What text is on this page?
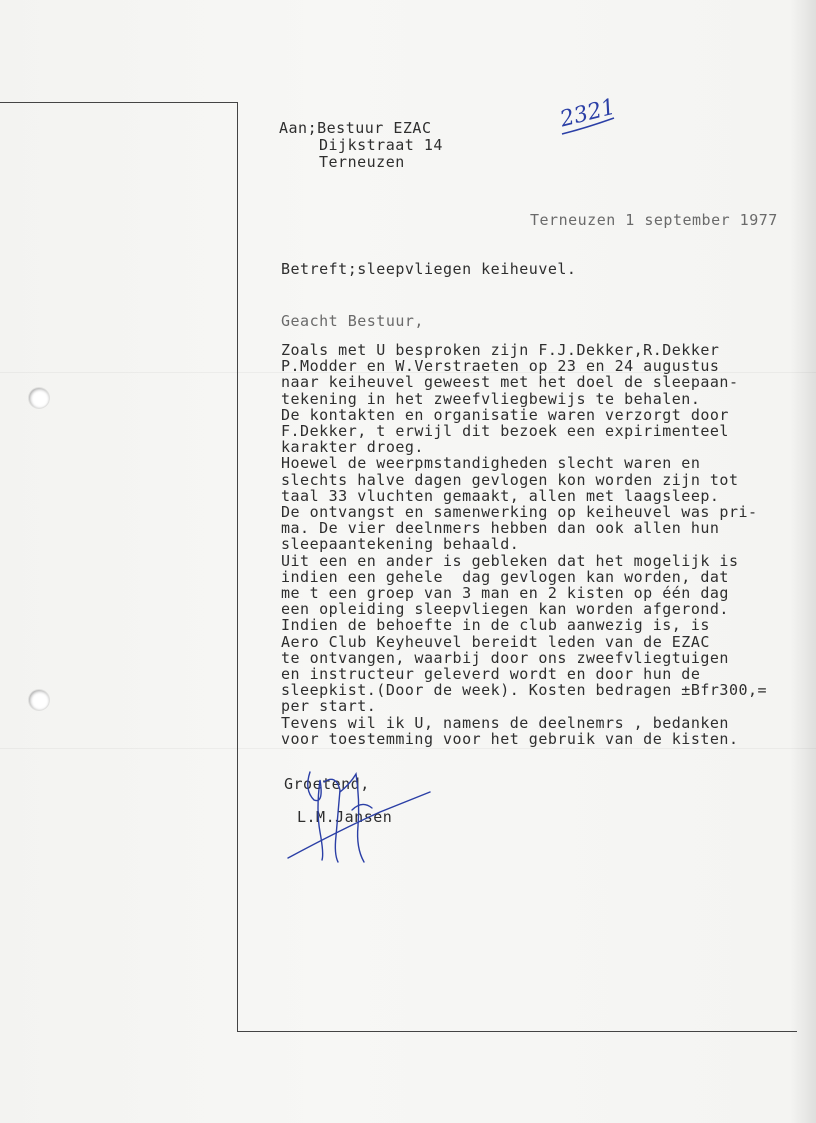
2321
Aan;Bestuur EZAC
Dijkstraat 14
Terneuzen
Terneuzen 1 september 1977
Betreft;sleepvliegen keiheuvel.
Geacht Bestuur,
Zoals met U besproken zijn F.J.Dekker,R.Dekker
P.Modder en W.Verstraeten op 23 en 24 augustus
naar keiheuvel geweest met het doel de sleepaan-
tekening in het zweefvliegbewijs te behalen.
De kontakten en organisatie waren verzorgt door
F.Dekker, t erwijl dit bezoek een expirimenteel
karakter droeg.
Hoewel de weerpmstandigheden slecht waren en
slechts halve dagen gevlogen kon worden zijn tot
taal 33 vluchten gemaakt, allen met laagsleep.
De ontvangst en samenwerking op keiheuvel was pri-
ma. De vier deelnmers hebben dan ook allen hun
sleepaantekening behaald.
Uit een en ander is gebleken dat het mogelijk is
indien een gehele  dag gevlogen kan worden, dat
me t een groep van 3 man en 2 kisten op één dag
een opleiding sleepvliegen kan worden afgerond.
Indien de behoefte in de club aanwezig is, is
Aero Club Keyheuvel bereidt leden van de EZAC
te ontvangen, waarbij door ons zweefvliegtuigen
en instructeur geleverd wordt en door hun de
sleepkist.(Door de week). Kosten bedragen ±Bfr300,=
per start.
Tevens wil ik U, namens de deelnemrs , bedanken
voor toestemming voor het gebruik van de kisten.
Groetend,
L.M.Jansen
